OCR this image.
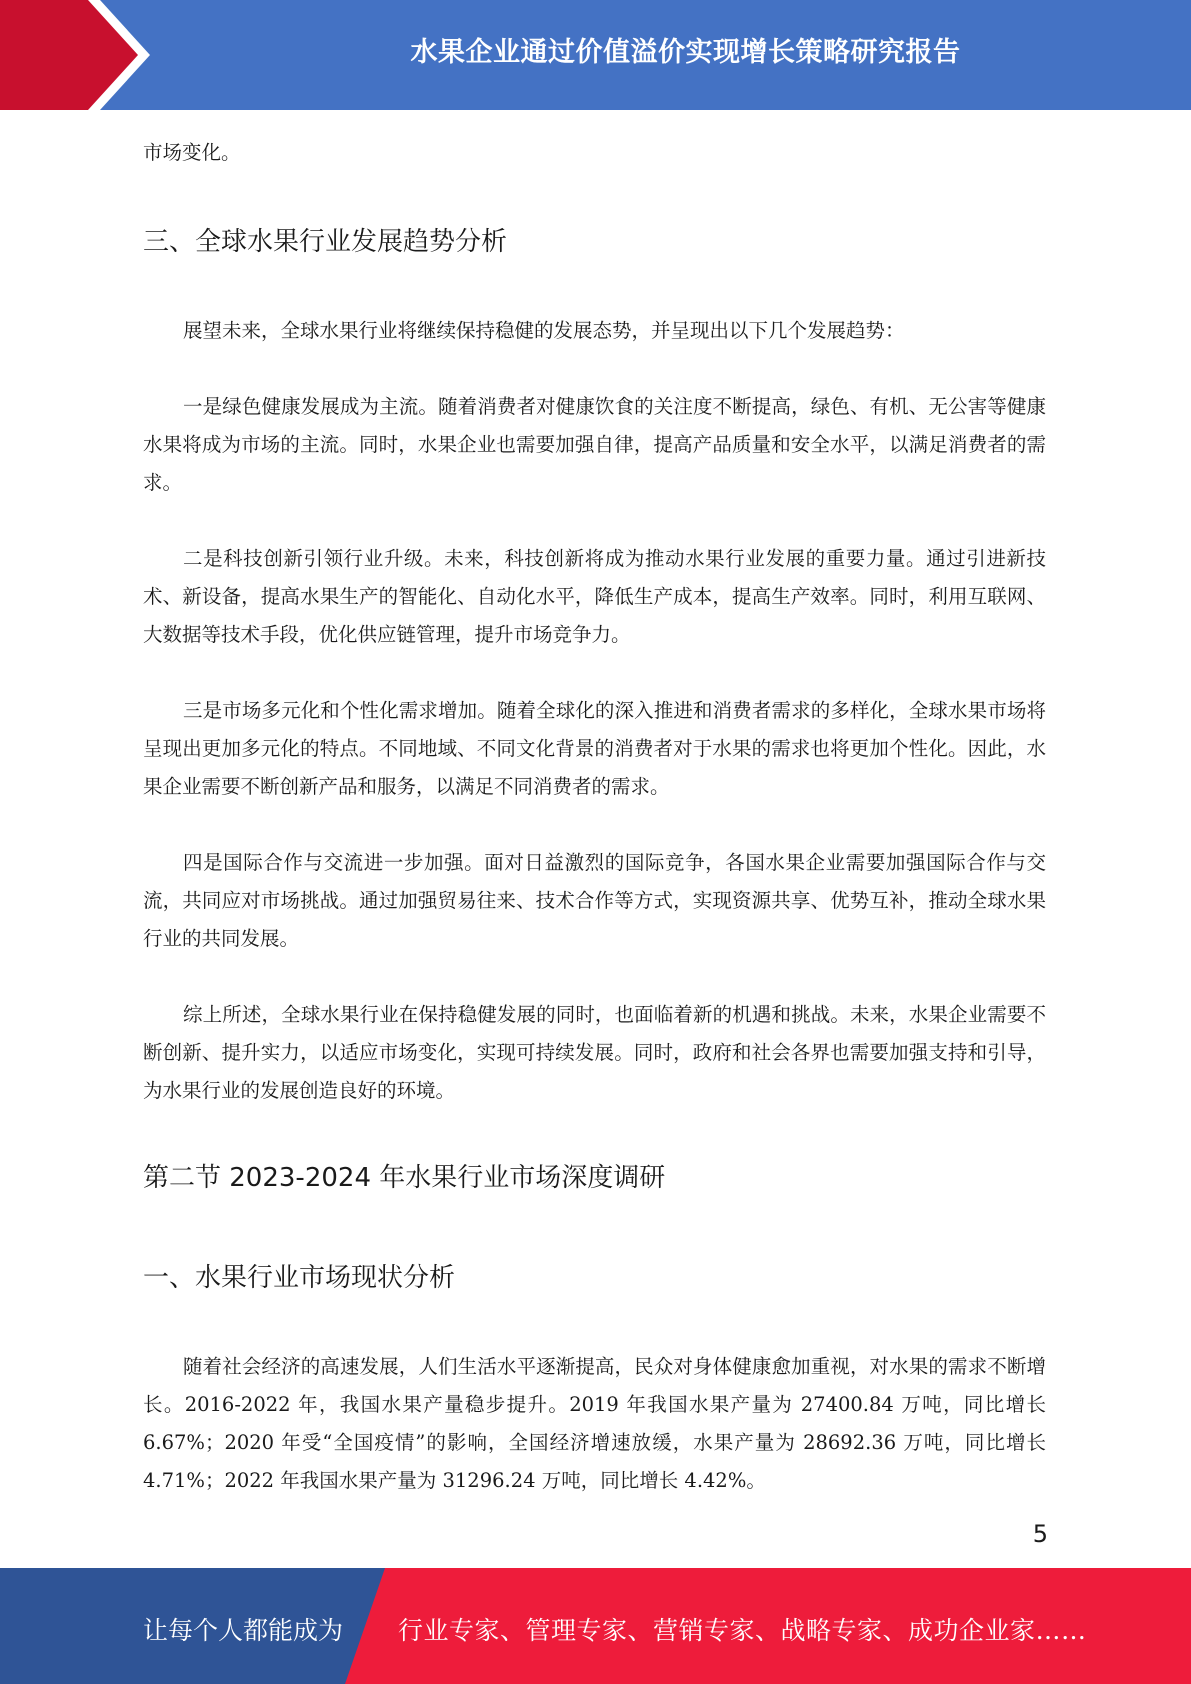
水果企业通过价值溢价实现增长策略研究报告

市场变化。

三、全球水果行业发展趋势分析

展望未来，全球水果行业将继续保持稳健的发展态势，并呈现出以下几个发展趋势：

一是绿色健康发展成为主流。随着消费者对健康饮食的关注度不断提高，绿色、有机、无公害等健康水果将成为市场的主流。同时，水果企业也需要加强自律，提高产品质量和安全水平，以满足消费者的需求。

二是科技创新引领行业升级。未来，科技创新将成为推动水果行业发展的重要力量。通过引进新技术、新设备，提高水果生产的智能化、自动化水平，降低生产成本，提高生产效率。同时，利用互联网、大数据等技术手段，优化供应链管理，提升市场竞争力。

三是市场多元化和个性化需求增加。随着全球化的深入推进和消费者需求的多样化，全球水果市场将呈现出更加多元化的特点。不同地域、不同文化背景的消费者对于水果的需求也将更加个性化。因此，水果企业需要不断创新产品和服务，以满足不同消费者的需求。

四是国际合作与交流进一步加强。面对日益激烈的国际竞争，各国水果企业需要加强国际合作与交流，共同应对市场挑战。通过加强贸易往来、技术合作等方式，实现资源共享、优势互补，推动全球水果行业的共同发展。

综上所述，全球水果行业在保持稳健发展的同时，也面临着新的机遇和挑战。未来，水果企业需要不断创新、提升实力，以适应市场变化，实现可持续发展。同时，政府和社会各界也需要加强支持和引导，为水果行业的发展创造良好的环境。

第二节 2023-2024 年水果行业市场深度调研
一、水果行业市场现状分析

随着社会经济的高速发展，人们生活水平逐渐提高，民众对身体健康愈加重视，对水果的需求不断增长。2016-2022 年，我国水果产量稳步提升。2019 年我国水果产量为 27400.84 万吨，同比增长 6.67%；2020 年受“全国疫情”的影响，全国经济增速放缓，水果产量为 28692.36 万吨，同比增长 4.71%；2022 年我国水果产量为 31296.24 万吨，同比增长 4.42%。

5
让每个人都能成为 行业专家、管理专家、营销专家、战略专家、成功企业家……
